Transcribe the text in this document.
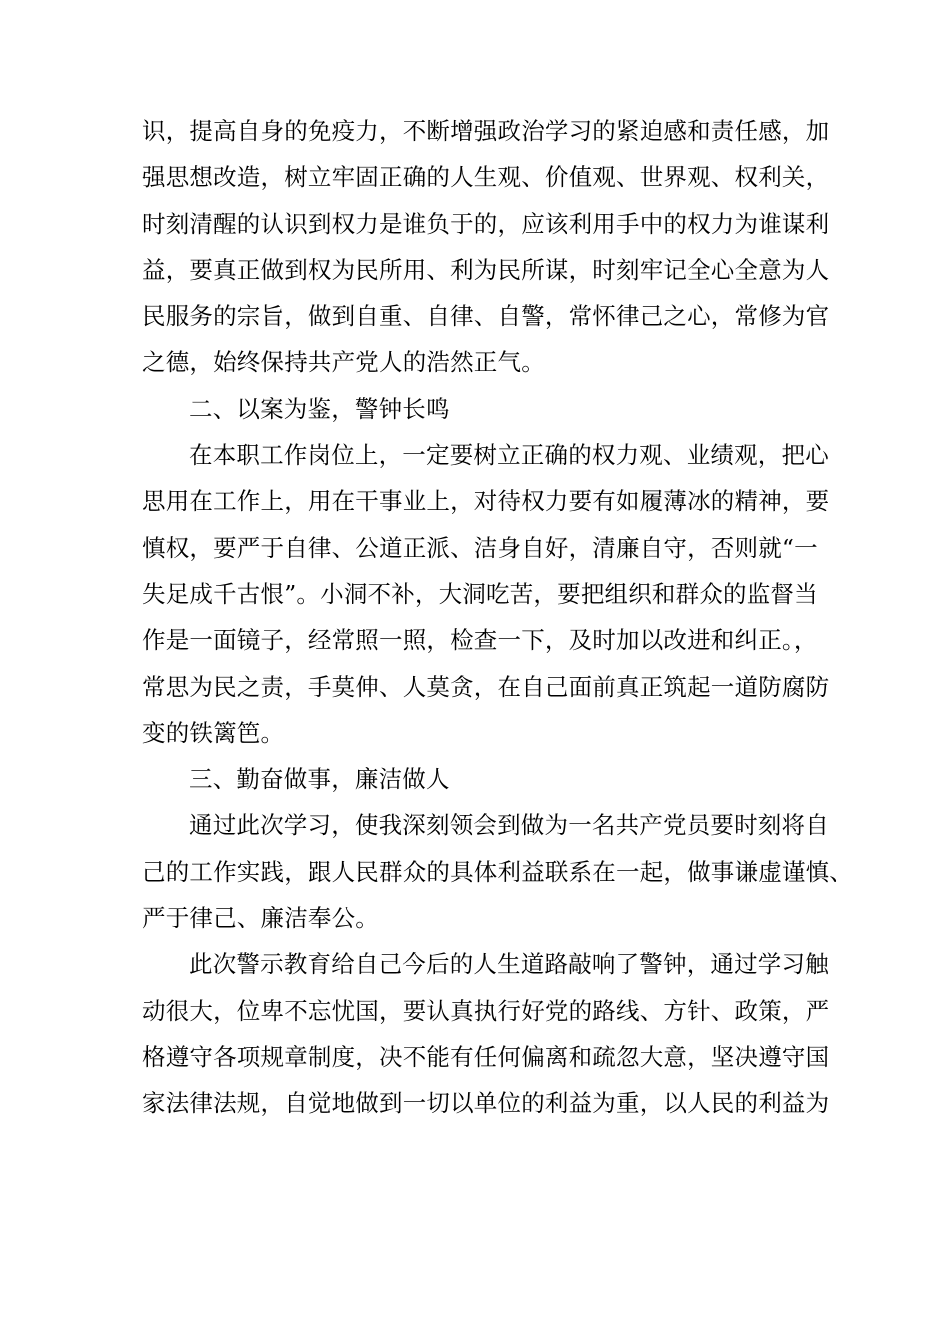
识，提高自身的免疫力，不断增强政治学习的紧迫感和责任感，加
强思想改造，树立牢固正确的人生观、价值观、世界观、权利关，
时刻清醒的认识到权力是谁负于的，应该利用手中的权力为谁谋利
益，要真正做到权为民所用、利为民所谋，时刻牢记全心全意为人
民服务的宗旨，做到自重、自律、自警，常怀律己之心，常修为官
之德，始终保持共产党人的浩然正气。
二、以案为鉴，警钟长鸣
在本职工作岗位上，一定要树立正确的权力观、业绩观，把心
思用在工作上，用在干事业上，对待权力要有如履薄冰的精神，要
慎权，要严于自律、公道正派、洁身自好，清廉自守，否则就“一
失足成千古恨”。小洞不补，大洞吃苦，要把组织和群众的监督当
作是一面镜子，经常照一照，检查一下，及时加以改进和纠正。，
常思为民之责，手莫伸、人莫贪，在自己面前真正筑起一道防腐防
变的铁篱笆。
三、勤奋做事，廉洁做人
通过此次学习，使我深刻领会到做为一名共产党员要时刻将自
己的工作实践，跟人民群众的具体利益联系在一起，做事谦虚谨慎、
严于律己、廉洁奉公。
此次警示教育给自己今后的人生道路敲响了警钟，通过学习触
动很大，位卑不忘忧国，要认真执行好党的路线、方针、政策，严
格遵守各项规章制度，决不能有任何偏离和疏忽大意，坚决遵守国
家法律法规，自觉地做到一切以单位的利益为重，以人民的利益为
